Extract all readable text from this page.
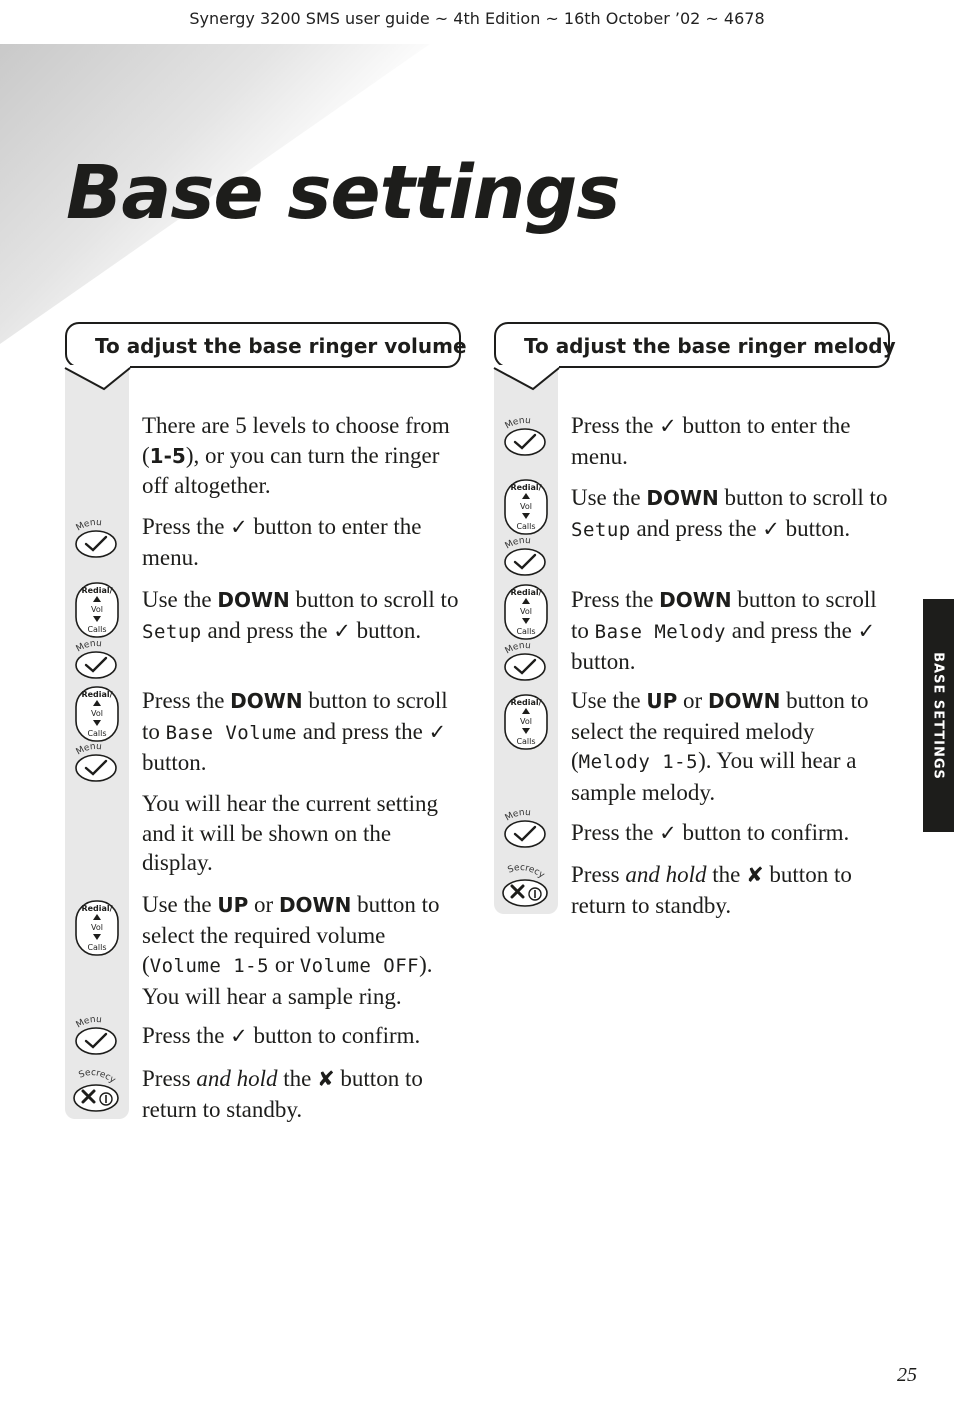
Synergy 3200 SMS user guide ~ 4th Edition ~ 16th October ’02 ~ 4678
Base settings
To adjust the base ringer volume
Menu
Redial/
Vol
Calls
Menu
Redial/
Vol
Calls
Menu
Redial/
Vol
Calls
Menu
Secrecy

There are 5 levels to choose from (1-5), or you can turn the ringer off altogether.

Press the ✓ button to enter the menu.

Use the DOWN button to scroll to Setup and press the ✓ button.

Press the DOWN button to scroll to Base Volume and press the ✓ button.

You will hear the current setting and it will be shown on the display.

Use the UP or DOWN button to select the required volume (Volume 1-5 or Volume OFF). You will hear a sample ring.

Press the ✓ button to confirm.

Press and hold the ✘ button to return to standby.

To adjust the base ringer melody
Menu
Redial/
Vol
Calls
Menu
Redial/
Vol
Calls
Menu
Redial/
Vol
Calls
Menu
Secrecy

Press the ✓ button to enter the menu.

Use the DOWN button to scroll to Setup and press the ✓ button.

Press the DOWN button to scroll to Base Melody and press the ✓ button.

Use the UP or DOWN button to select the required melody (Melody 1-5). You will hear a sample melody.

Press the ✓ button to confirm.

Press and hold the ✘ button to return to standby.

BASE SETTINGS
25
